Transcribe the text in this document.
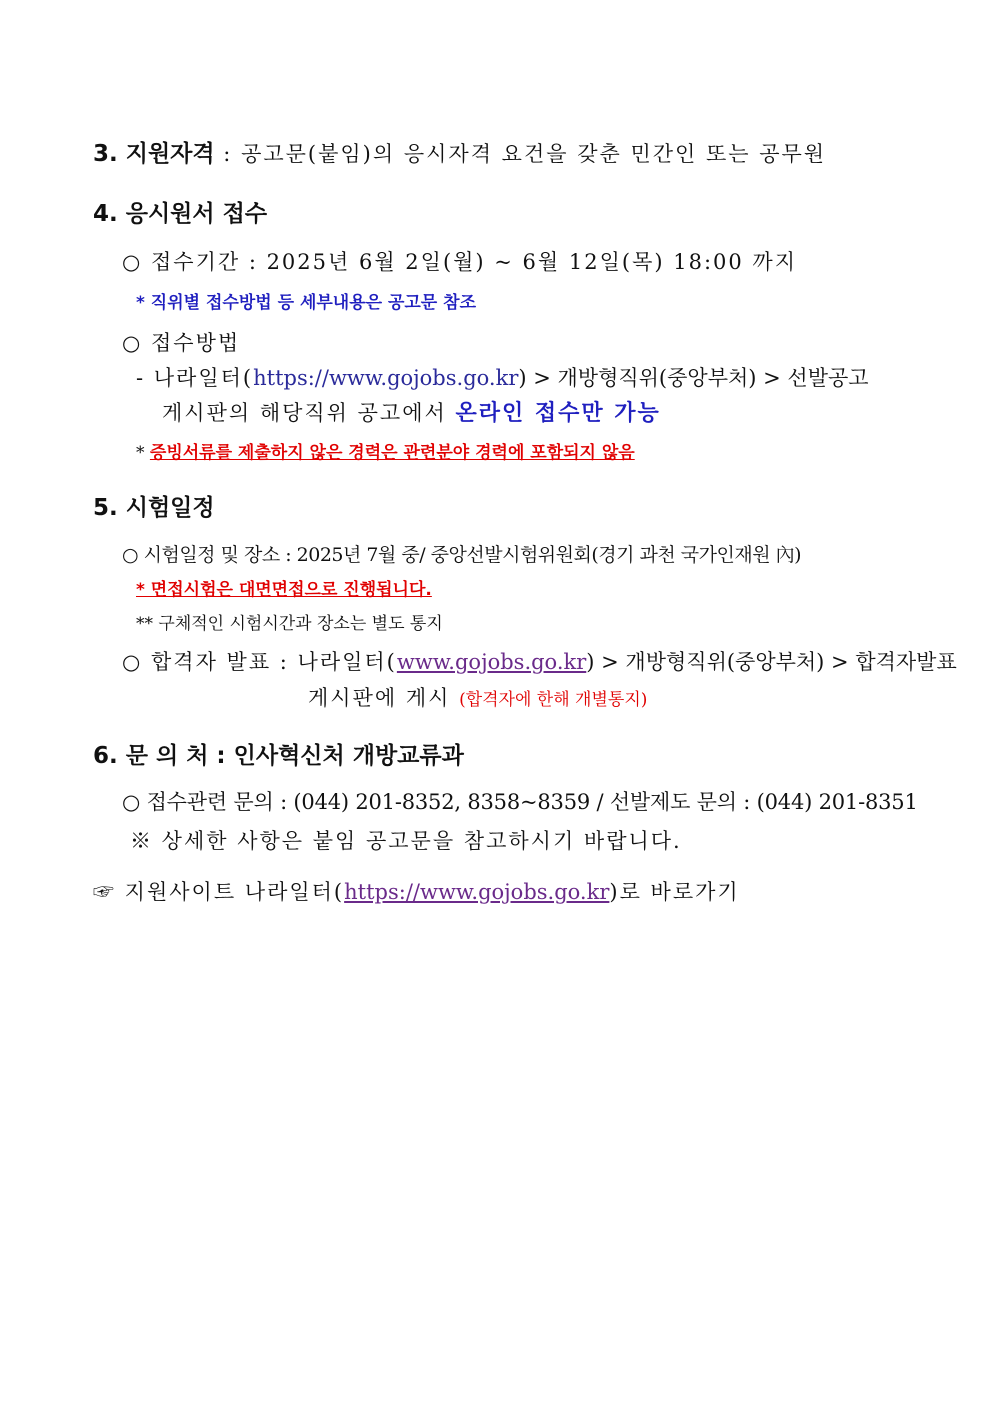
3. 지원자격 : 공고문(붙임)의 응시자격 요건을 갖춘 민간인 또는 공무원
4. 응시원서 접수
○ 접수기간 : 2025년 6월 2일(월) ~ 6월 12일(목) 18:00 까지
* 직위별 접수방법 등 세부내용은 공고문 참조
○ 접수방법
- 나라일터(https://www.gojobs.go.kr) > 개방형직위(중앙부처) > 선발공고
게시판의 해당직위 공고에서 온라인 접수만 가능
* 증빙서류를 제출하지 않은 경력은 관련분야 경력에 포함되지 않음
5. 시험일정
○ 시험일정 및 장소 : 2025년 7월 중/ 중앙선발시험위원회(경기 과천 국가인재원 內)
* 면접시험은 대면면접으로 진행됩니다.
** 구체적인 시험시간과 장소는 별도 통지
○ 합격자 발표 : 나라일터(www.gojobs.go.kr) > 개방형직위(중앙부처) > 합격자발표
게시판에 게시 (합격자에 한해 개별통지)
6. 문 의 처 : 인사혁신처 개방교류과
○ 접수관련 문의 : (044) 201-8352, 8358~8359 / 선발제도 문의 : (044) 201-8351
※ 상세한 사항은 붙임 공고문을 참고하시기 바랍니다.
☞ 지원사이트 나라일터(https://www.gojobs.go.kr)로 바로가기
